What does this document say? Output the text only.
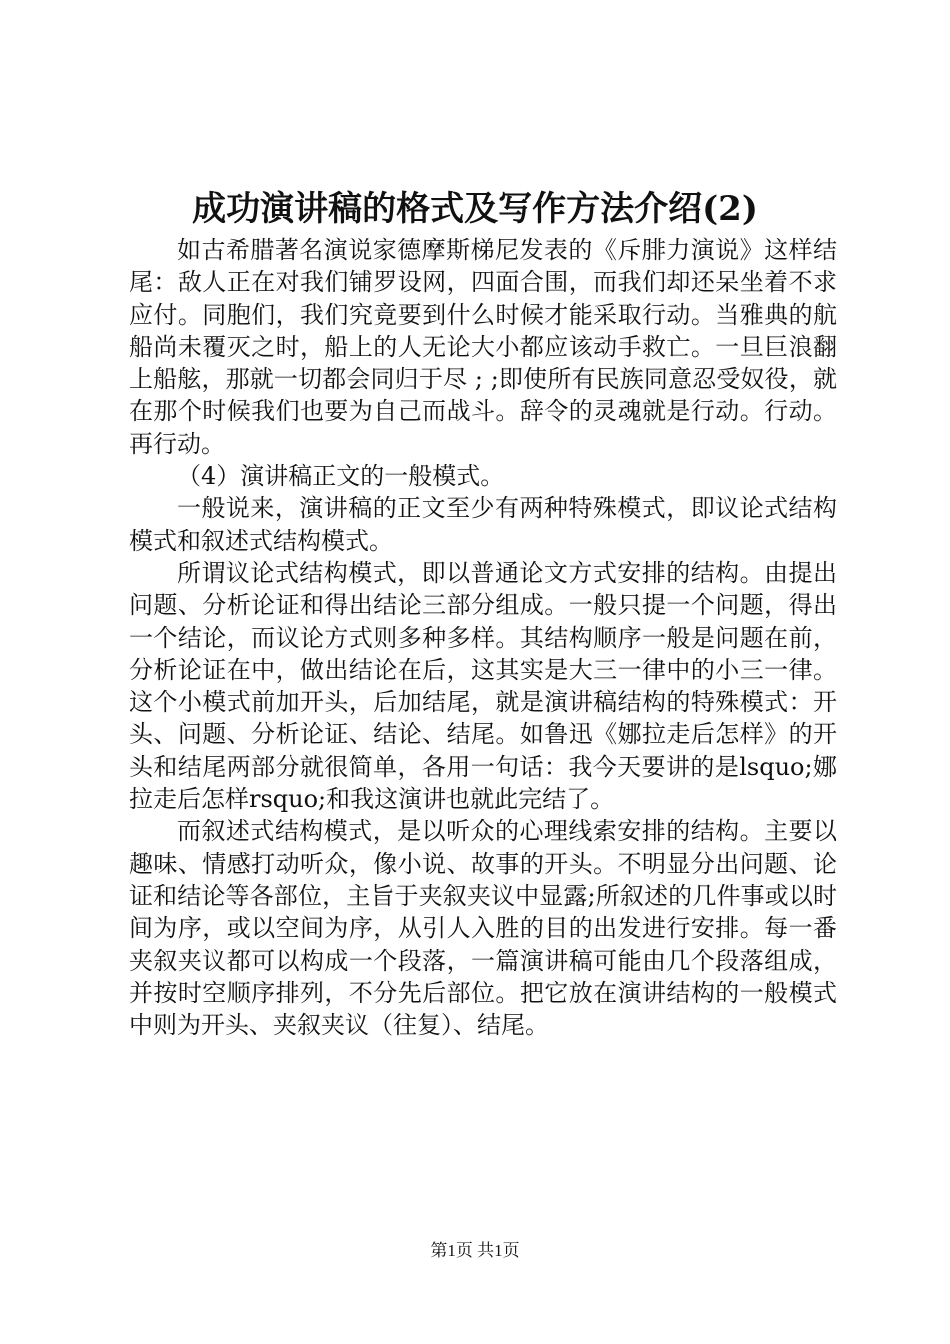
成功演讲稿的格式及写作方法介绍(2)

如古希腊著名演说家德摩斯梯尼发表的《斥腓力演说》这样结尾：敌人正在对我们铺罗设网，四面合围，而我们却还呆坐着不求应付。同胞们，我们究竟要到什么时候才能采取行动。当雅典的航船尚未覆灭之时，船上的人无论大小都应该动手救亡。一旦巨浪翻上船舷，那就一切都会同归于尽 ; ;即使所有民族同意忍受奴役，就在那个时候我们也要为自己而战斗。辞令的灵魂就是行动。行动。再行动。

（4）演讲稿正文的一般模式。

一般说来，演讲稿的正文至少有两种特殊模式，即议论式结构模式和叙述式结构模式。

所谓议论式结构模式，即以普通论文方式安排的结构。由提出问题、分析论证和得出结论三部分组成。一般只提一个问题，得出一个结论，而议论方式则多种多样。其结构顺序一般是问题在前，分析论证在中，做出结论在后，这其实是大三一律中的小三一律。这个小模式前加开头，后加结尾，就是演讲稿结构的特殊模式：开头、问题、分析论证、结论、结尾。如鲁迅《娜拉走后怎样》的开头和结尾两部分就很简单，各用一句话：我今天要讲的是lsquo;娜拉走后怎样rsquo;和我这演讲也就此完结了。

而叙述式结构模式，是以听众的心理线索安排的结构。主要以趣味、情感打动听众，像小说、故事的开头。不明显分出问题、论证和结论等各部位，主旨于夹叙夹议中显露;所叙述的几件事或以时间为序，或以空间为序，从引人入胜的目的出发进行安排。每一番夹叙夹议都可以构成一个段落，一篇演讲稿可能由几个段落组成，并按时空顺序排列，不分先后部位。把它放在演讲结构的一般模式中则为开头、夹叙夹议（往复）、结尾。

第1页 共1页
